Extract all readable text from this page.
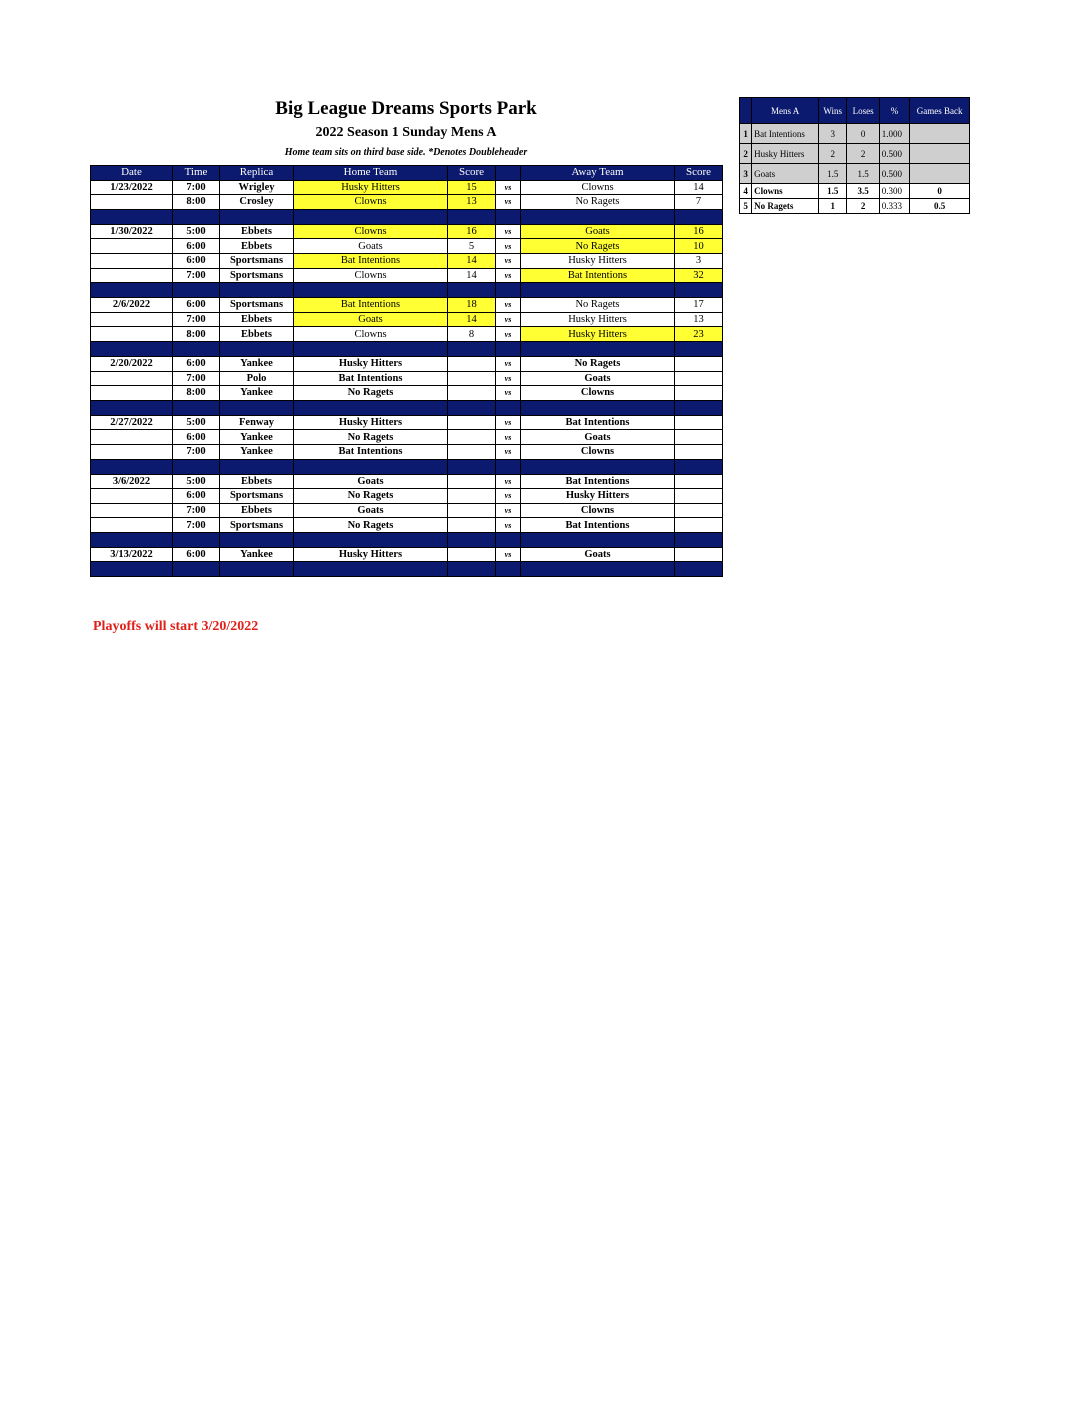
Big League Dreams Sports Park
2022 Season 1 Sunday Mens A
Home team sits on third base side. *Denotes Doubleheader
Date	Time	Replica	Home Team	Score		Away Team	Score
1/23/2022	7:00	Wrigley	Husky Hitters	15	vs	Clowns	14
	8:00	Crosley	Clowns	13	vs	No Ragets	7

1/30/2022	5:00	Ebbets	Clowns	16	vs	Goats	16
	6:00	Ebbets	Goats	5	vs	No Ragets	10
	6:00	Sportsmans	Bat Intentions	14	vs	Husky Hitters	3
	7:00	Sportsmans	Clowns	14	vs	Bat Intentions	32

2/6/2022	6:00	Sportsmans	Bat Intentions	18	vs	No Ragets	17
	7:00	Ebbets	Goats	14	vs	Husky Hitters	13
	8:00	Ebbets	Clowns	8	vs	Husky Hitters	23

2/20/2022	6:00	Yankee	Husky Hitters		vs	No Ragets	
	7:00	Polo	Bat Intentions		vs	Goats	
	8:00	Yankee	No Ragets		vs	Clowns	

2/27/2022	5:00	Fenway	Husky Hitters		vs	Bat Intentions	
	6:00	Yankee	No Ragets		vs	Goats	
	7:00	Yankee	Bat Intentions		vs	Clowns	

3/6/2022	5:00	Ebbets	Goats		vs	Bat Intentions	
	6:00	Sportsmans	No Ragets		vs	Husky Hitters	
	7:00	Ebbets	Goats		vs	Clowns	
	7:00	Sportsmans	No Ragets		vs	Bat Intentions	

3/13/2022	6:00	Yankee	Husky Hitters		vs	Goats	

	Mens A	Wins	Loses	%	Games Back
1	Bat Intentions	3	0	1.000	
2	Husky Hitters	2	2	0.500	
3	Goats	1.5	1.5	0.500	
4	Clowns	1.5	3.5	0.300	0
5	No Ragets	1	2	0.333	0.5
Playoffs will start 3/20/2022
